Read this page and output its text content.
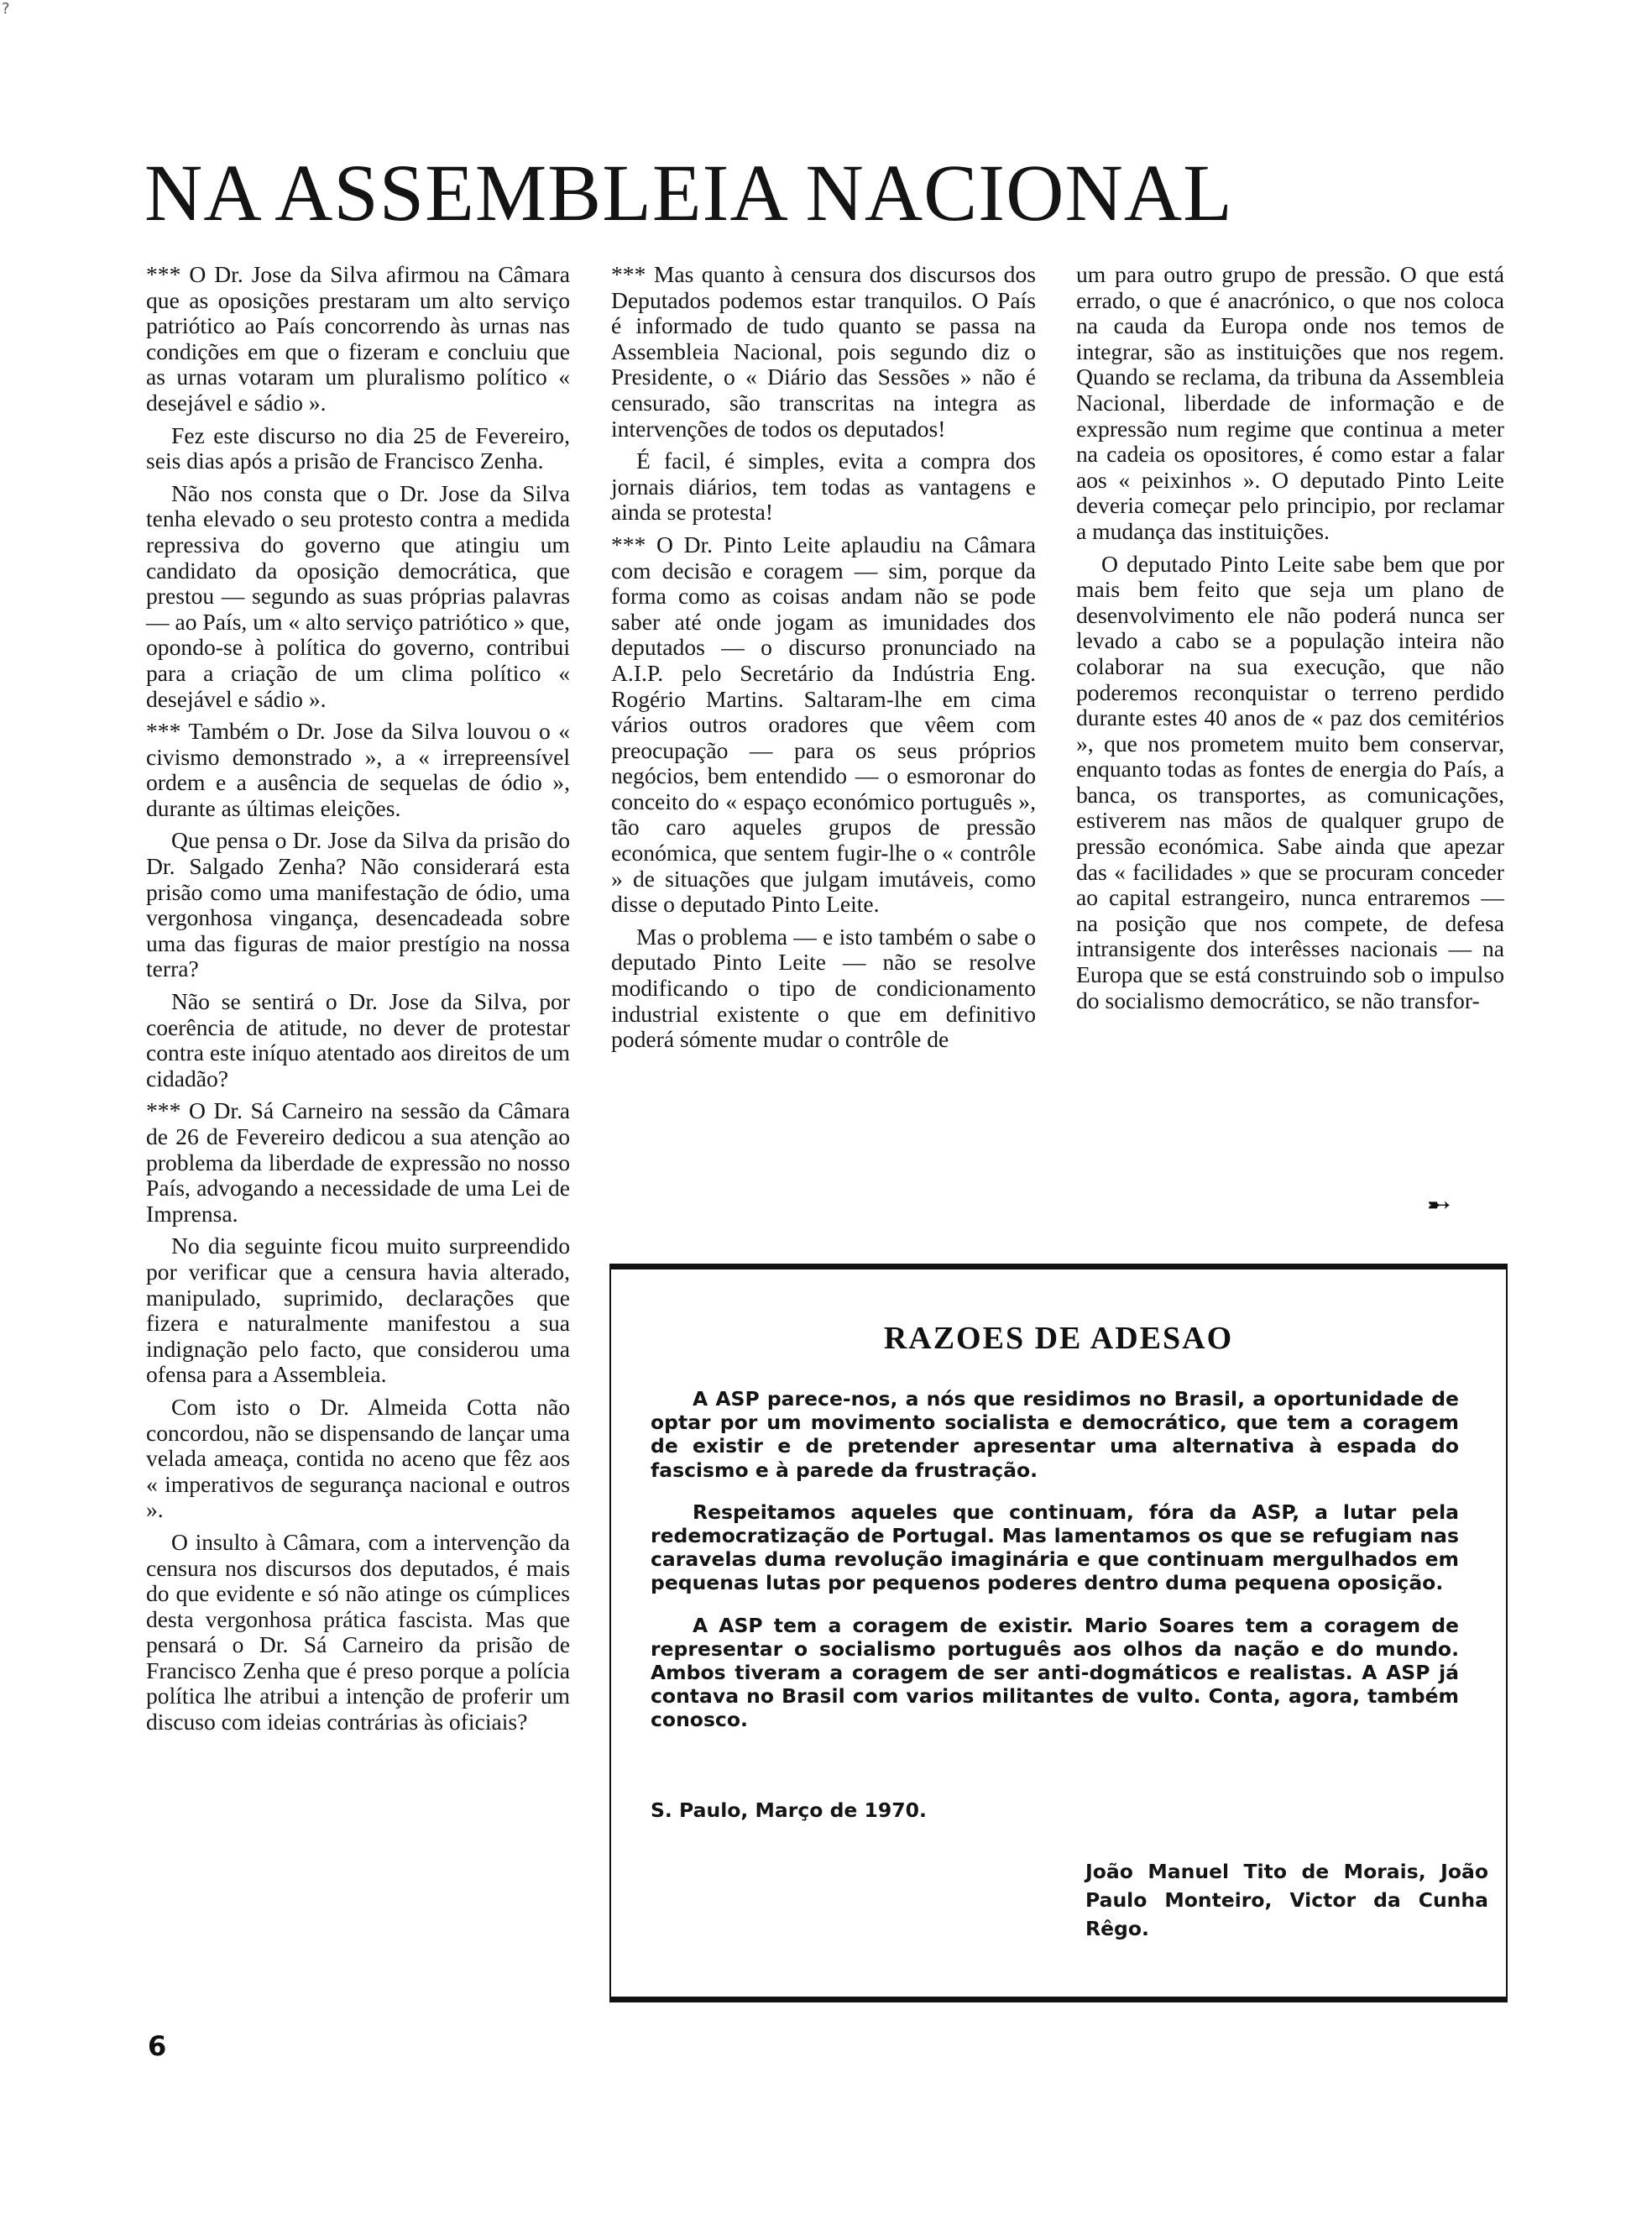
?
NA ASSEMBLEIA NACIONAL

*** O Dr. Jose da Silva afirmou na Câmara que as oposições prestaram um alto serviço patriótico ao País concorrendo às urnas nas condições em que o fizeram e concluiu que as urnas votaram um pluralismo político « desejável e sádio ».

Fez este discurso no dia 25 de Fevereiro, seis dias após a prisão de Francisco Zenha.

Não nos consta que o Dr. Jose da Silva tenha elevado o seu protesto contra a medida repressiva do governo que atingiu um candidato da oposição democrática, que prestou — segundo as suas próprias palavras — ao País, um « alto serviço patriótico » que, opondo-se à política do governo, contribui para a criação de um clima político « desejável e sádio ».

*** Também o Dr. Jose da Silva louvou o « civismo demonstrado », a « irrepreensível ordem e a ausência de sequelas de ódio », durante as últimas eleições.

Que pensa o Dr. Jose da Silva da prisão do Dr. Salgado Zenha? Não considerará esta prisão como uma manifestação de ódio, uma vergonhosa vingança, desencadeada sobre uma das figuras de maior prestígio na nossa terra?

Não se sentirá o Dr. Jose da Silva, por coerência de atitude, no dever de protestar contra este iníquo atentado aos direitos de um cidadão?

*** O Dr. Sá Carneiro na sessão da Câmara de 26 de Fevereiro dedicou a sua atenção ao problema da liberdade de expressão no nosso País, advogando a necessidade de uma Lei de Imprensa.

No dia seguinte ficou muito surpreendido por verificar que a censura havia alterado, manipulado, suprimido, declarações que fizera e naturalmente manifestou a sua indignação pelo facto, que considerou uma ofensa para a Assembleia.

Com isto o Dr. Almeida Cotta não concordou, não se dispensando de lançar uma velada ameaça, contida no aceno que fêz aos « imperativos de segurança nacional e outros ».

O insulto à Câmara, com a intervenção da censura nos discursos dos deputados, é mais do que evidente e só não atinge os cúmplices desta vergonhosa prática fascista. Mas que pensará o Dr. Sá Carneiro da prisão de Francisco Zenha que é preso porque a polícia política lhe atribui a intenção de proferir um discuso com ideias contrárias às oficiais?

*** Mas quanto à censura dos discursos dos Deputados podemos estar tranquilos. O País é informado de tudo quanto se passa na Assembleia Nacional, pois segundo diz o Presidente, o « Diário das Sessões » não é censurado, são transcritas na integra as intervenções de todos os deputados!

É facil, é simples, evita a compra dos jornais diários, tem todas as vantagens e ainda se protesta!

*** O Dr. Pinto Leite aplaudiu na Câmara com decisão e coragem — sim, porque da forma como as coisas andam não se pode saber até onde jogam as imunidades dos deputados — o discurso pronunciado na A.I.P. pelo Secretário da Indústria Eng. Rogério Martins. Saltaram-lhe em cima vários outros oradores que vêem com preocupação — para os seus próprios negócios, bem entendido — o esmoronar do conceito do « espaço económico português », tão caro aqueles grupos de pressão económica, que sentem fugir-lhe o « contrôle » de situações que julgam imutáveis, como disse o deputado Pinto Leite.

Mas o problema — e isto também o sabe o deputado Pinto Leite — não se resolve modificando o tipo de condicionamento industrial existente o que em definitivo poderá sómente mudar o contrôle de

um para outro grupo de pressão. O que está errado, o que é anacrónico, o que nos coloca na cauda da Europa onde nos temos de integrar, são as instituições que nos regem. Quando se reclama, da tribuna da Assembleia Nacional, liberdade de informação e de expressão num regime que continua a meter na cadeia os opositores, é como estar a falar aos « peixinhos ». O deputado Pinto Leite deveria começar pelo principio, por reclamar a mudança das instituições.

O deputado Pinto Leite sabe bem que por mais bem feito que seja um plano de desenvolvimento ele não poderá nunca ser levado a cabo se a população inteira não colaborar na sua execução, que não poderemos reconquistar o terreno perdido durante estes 40 anos de « paz dos cemitérios », que nos prometem muito bem conservar, enquanto todas as fontes de energia do País, a banca, os transportes, as comunicações, estiverem nas mãos de qualquer grupo de pressão económica. Sabe ainda que apezar das « facilidades » que se procuram conceder ao capital estrangeiro, nunca entraremos — na posição que nos compete, de defesa intransigente dos interêsses nacionais — na Europa que se está construindo sob o impulso do socialismo democrático, se não transfor-

➸
RAZOES DE ADESAO

A ASP parece-nos, a nós que residimos no Brasil, a oportunidade de optar por um movimento socialista e democrático, que tem a coragem de existir e de pretender apresentar uma alternativa à espada do fascismo e à parede da frustração.

Respeitamos aqueles que continuam, fóra da ASP, a lutar pela redemocratização de Portugal. Mas lamentamos os que se refugiam nas caravelas duma revolução imaginária e que continuam mergulhados em pequenas lutas por pequenos poderes dentro duma pequena oposição.

A ASP tem a coragem de existir. Mario Soares tem a coragem de representar o socialismo português aos olhos da nação e do mundo. Ambos tiveram a coragem de ser anti-dogmáticos e realistas. A ASP já contava no Brasil com varios militantes de vulto. Conta, agora, também conosco.

S. Paulo, Março de 1970.
João Manuel Tito de Morais, João Paulo Monteiro, Victor da Cunha Rêgo.
6
